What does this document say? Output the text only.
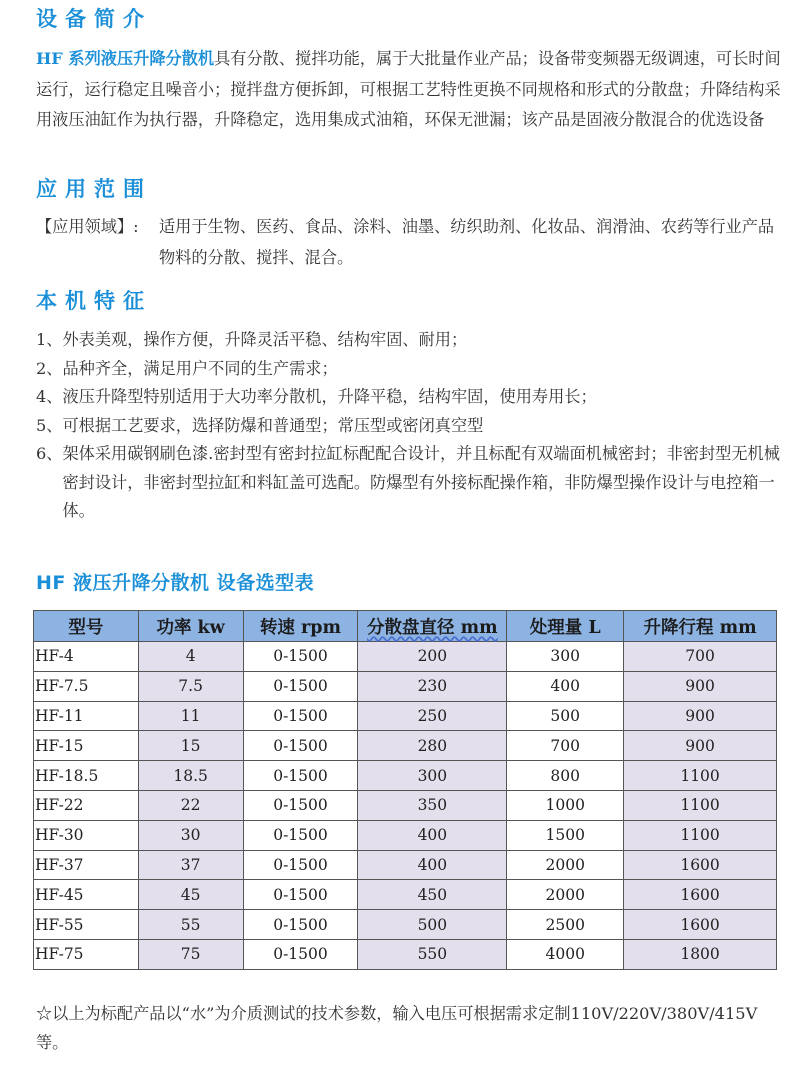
设备简介

HF 系列液压升降分散机具有分散、搅拌功能，属于大批量作业产品；设备带变频器无级调速，可长时间运行，运行稳定且噪音小；搅拌盘方便拆卸，可根据工艺特性更换不同规格和形式的分散盘；升降结构采用液压油缸作为执行器，升降稳定，选用集成式油箱，环保无泄漏；该产品是固液分散混合的优选设备

应用范围
【应用领域】: 适用于生物、医药、食品、涂料、油墨、纺织助剂、化妆品、润滑油、农药等行业产品物料的分散、搅拌、混合。
本机特征
1、 外表美观，操作方便，升降灵活平稳、结构牢固、耐用；
2、 品种齐全，满足用户不同的生产需求；
4、 液压升降型特别适用于大功率分散机，升降平稳，结构牢固，使用寿用长；
5、 可根据工艺要求，选择防爆和普通型；常压型或密闭真空型
6、 架体采用碳钢刷色漆.密封型有密封拉缸标配配合设计，并且标配有双端面机械密封；非密封型无机械密封设计，非密封型拉缸和料缸盖可选配。防爆型有外接标配操作箱，非防爆型操作设计与电控箱一体。
HF 液压升降分散机 设备选型表
型号	功率 kw	转速 rpm	分散盘直径 mm	处理量 L	升降行程 mm
HF-4	4	0-1500	200	300	700
HF-7.5	7.5	0-1500	230	400	900
HF-11	11	0-1500	250	500	900
HF-15	15	0-1500	280	700	900
HF-18.5	18.5	0-1500	300	800	1100
HF-22	22	0-1500	350	1000	1100
HF-30	30	0-1500	400	1500	1100
HF-37	37	0-1500	400	2000	1600
HF-45	45	0-1500	450	2000	1600
HF-55	55	0-1500	500	2500	1600
HF-75	75	0-1500	550	4000	1800

☆以上为标配产品以“水”为介质测试的技术参数，输入电压可根据需求定制110V/220V/380V/415V 等。
